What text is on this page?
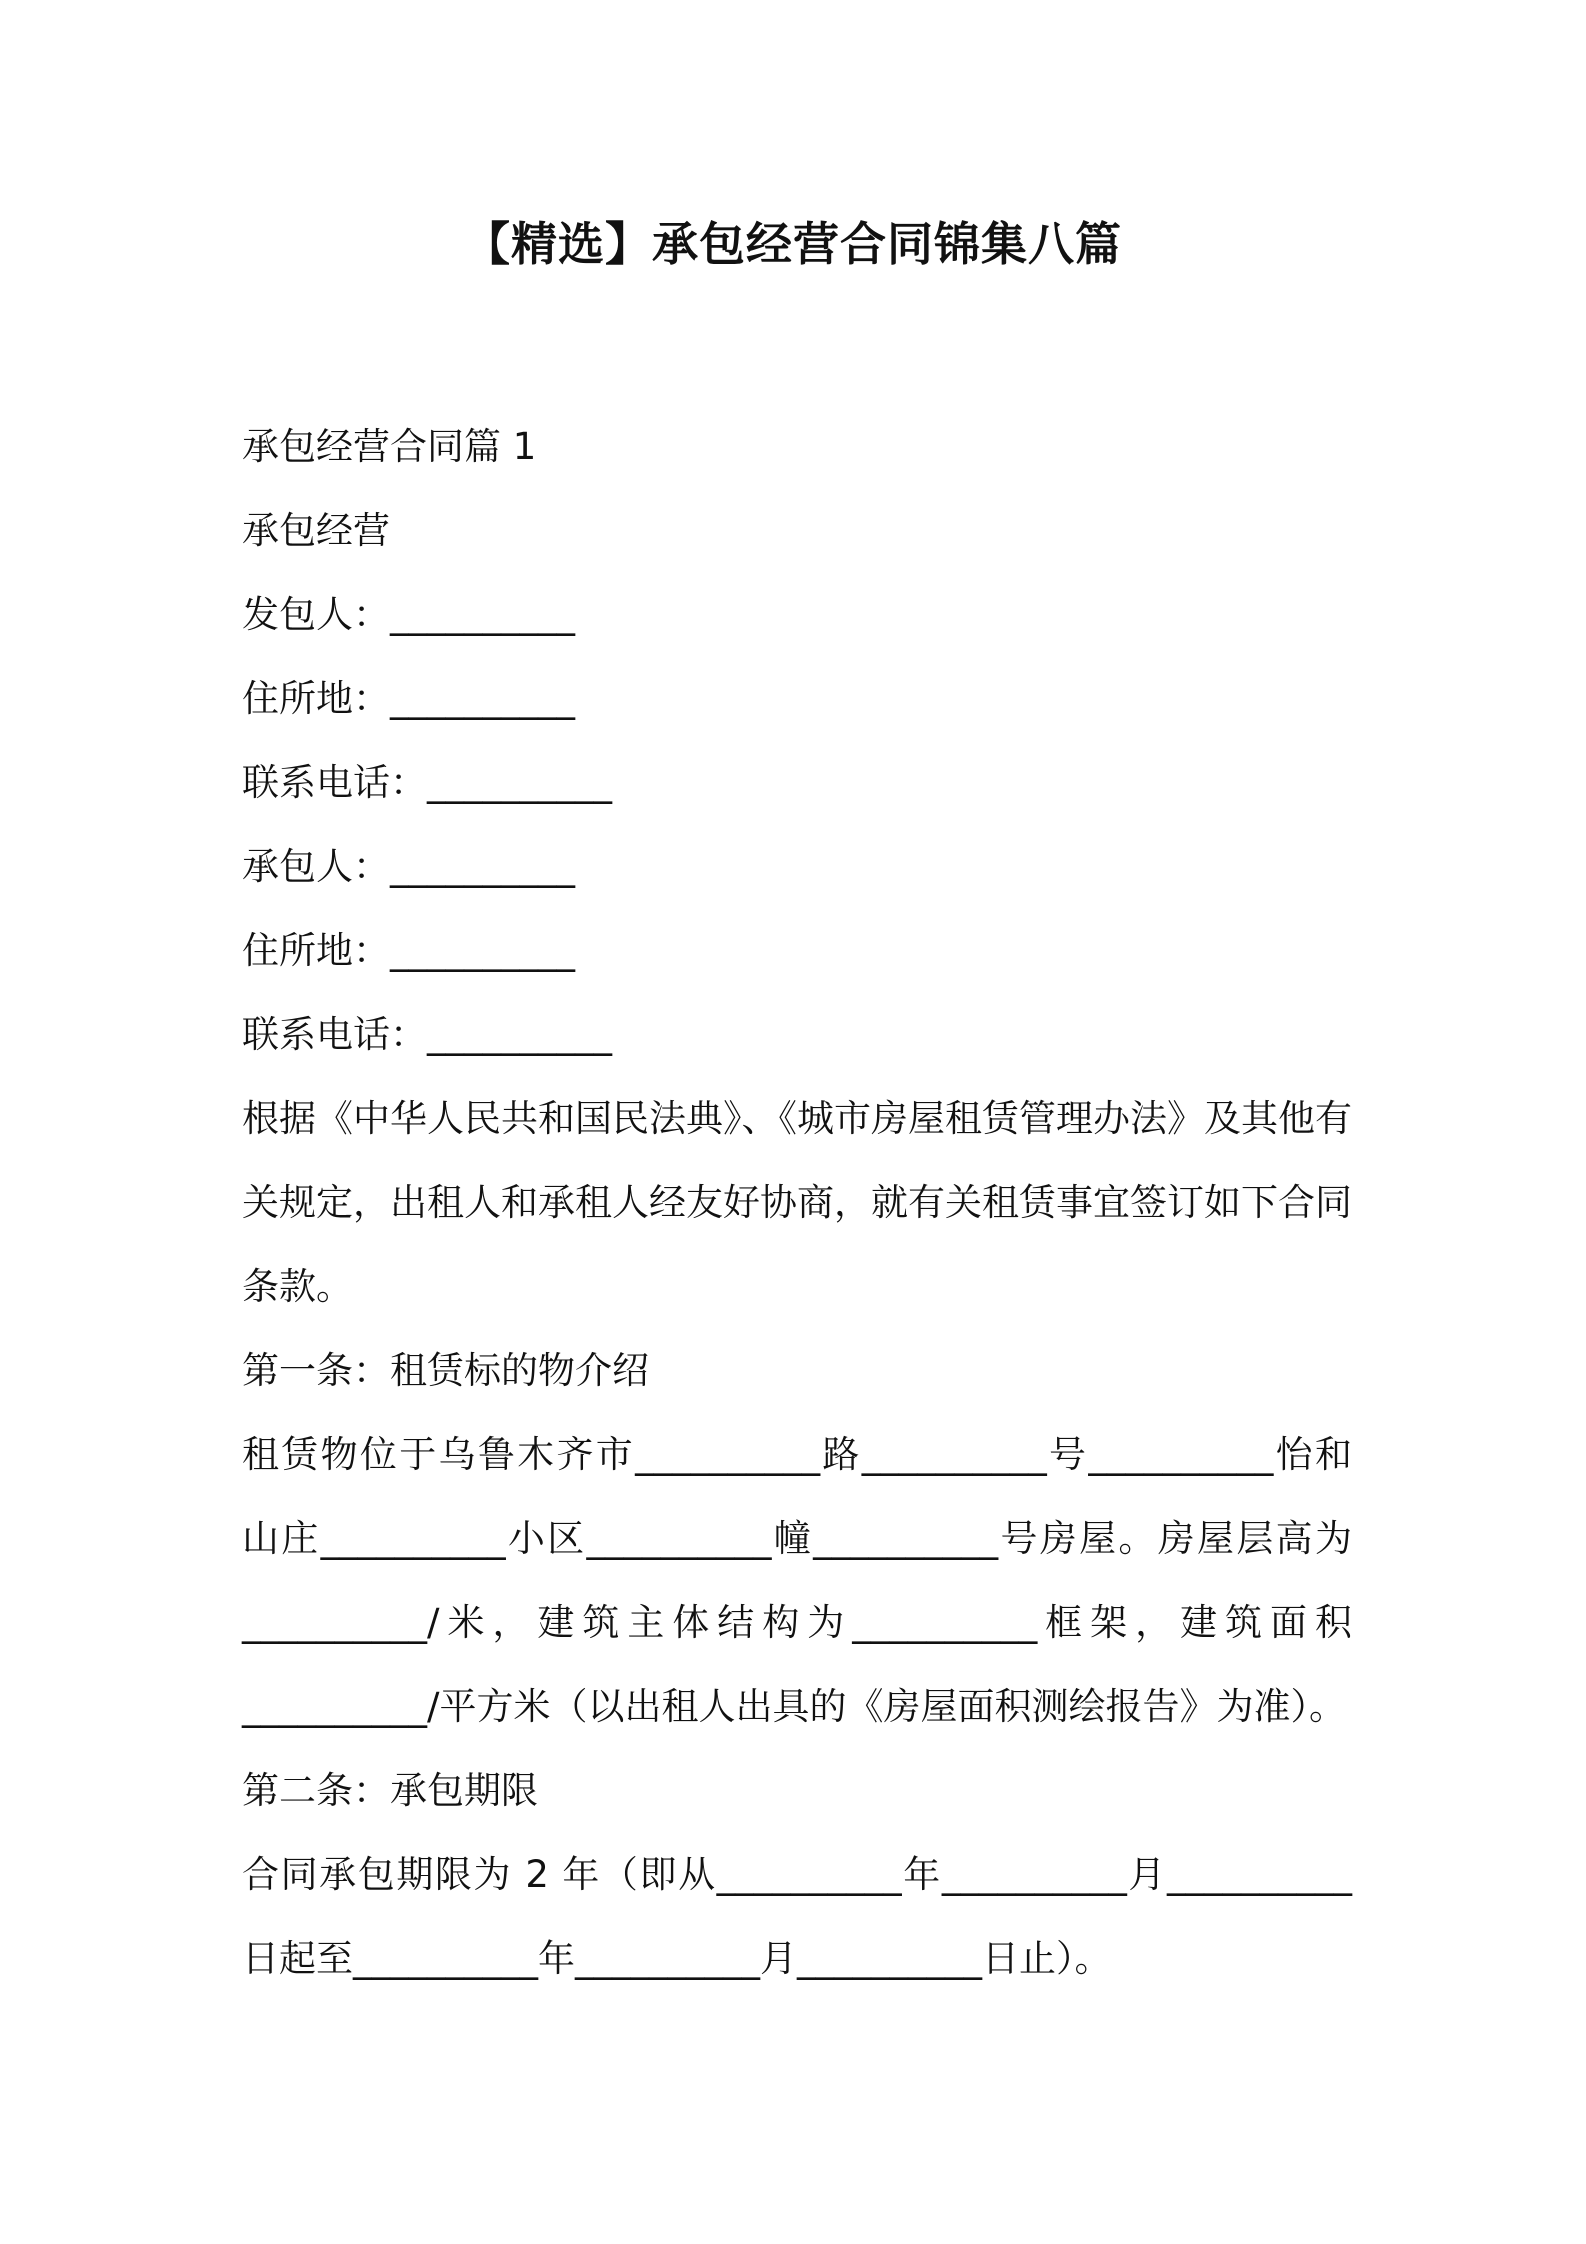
【精选】承包经营合同锦集八篇

承包经营合同篇 1

承包经营

发包人：__________

住所地：__________

联系电话：__________

承包人：__________

住所地：__________

联系电话：__________

根据《中华人民共和国民法典》、《城市房屋租赁管理办法》及其他有

关规定，出租人和承租人经友好协商，就有关租赁事宜签订如下合同

条款。

第一条：租赁标的物介绍

租赁物位于乌鲁木齐市__________路__________号__________怡和

山庄__________小区__________幢__________号房屋。房屋层高为

__________/米，建筑主体结构为__________框架，建筑面积

__________/平方米（以出租人出具的《房屋面积测绘报告》为准）。

第二条：承包期限

合同承包期限为 2 年（即从__________年__________月__________

日起至__________年__________月__________日止）。
